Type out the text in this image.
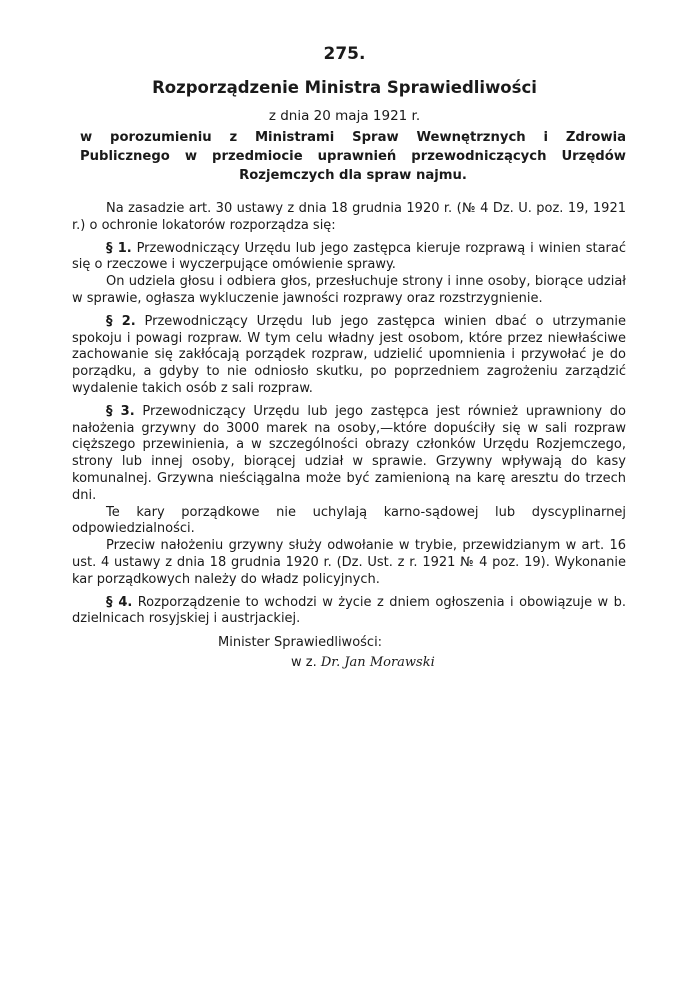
275.
Rozporządzenie Ministra Sprawiedliwości
z dnia 20 maja 1921 r.
w porozumieniu z Ministrami Spraw Wewnętrznych i Zdrowia Publicznego w przedmiocie uprawnień przewodniczących Urzędów Rozjemczych dla spraw najmu.

Na zasadzie art. 30 ustawy z dnia 18 grudnia 1920 r. (№ 4 Dz. U. poz. 19, 1921 r.) o ochronie lokatorów rozporządza się:

§ 1. Przewodniczący Urzędu lub jego zastępca kieruje rozprawą i winien starać się o rzeczowe i wyczerpujące omówienie sprawy.

On udziela głosu i odbiera głos, przesłuchuje strony i inne osoby, biorące udział w sprawie, ogłasza wykluczenie jawności rozprawy oraz rozstrzygnienie.

§ 2. Przewodniczący Urzędu lub jego zastępca winien dbać o utrzymanie spokoju i powagi rozpraw. W tym celu władny jest osobom, które przez niewłaściwe zachowanie się zakłócają porządek rozpraw, udzielić upomnienia i przywołać je do porządku, a gdyby to nie odniosło skutku, po poprzedniem zagrożeniu zarządzić wydalenie takich osób z sali rozpraw.

§ 3. Przewodniczący Urzędu lub jego zastępca jest również uprawniony do nałożenia grzywny do 3000 marek na osoby,—które dopuściły się w sali rozpraw cięższego przewinienia, a w szczególności obrazy członków Urzędu Rozjemczego, strony lub innej osoby, biorącej udział w sprawie. Grzywny wpływają do kasy komunalnej. Grzywna nieściągalna może być zamienioną na karę aresztu do trzech dni.

Te kary porządkowe nie uchylają karno-sądowej lub dyscyplinarnej odpowiedzialności.

Przeciw nałożeniu grzywny służy odwołanie w trybie, przewidzianym w art. 16 ust. 4 ustawy z dnia 18 grudnia 1920 r. (Dz. Ust. z r. 1921 № 4 poz. 19). Wykonanie kar porządkowych należy do władz policyjnych.

§ 4. Rozporządzenie to wchodzi w życie z dniem ogłoszenia i obowiązuje w b. dzielnicach rosyjskiej i austrjackiej.

Minister Sprawiedliwości:
w z. Dr. Jan Morawski
